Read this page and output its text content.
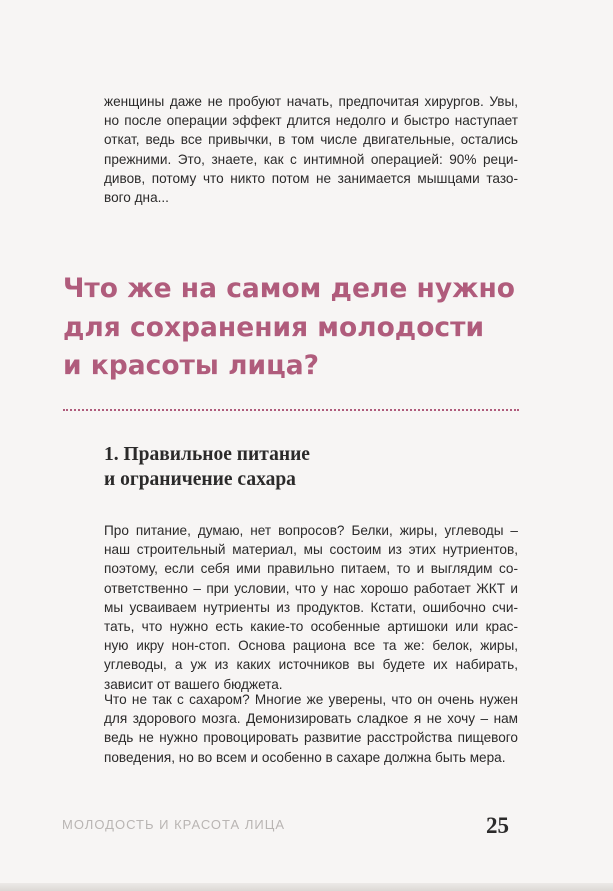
женщины даже не пробуют начать, предпочитая хирургов. Увы,
но после операции эффект длится недолго и быстро наступает
откат, ведь все привычки, в том числе двигательные, остались
прежними. Это, знаете, как с интимной операцией: 90% реци-
дивов, потому что никто потом не занимается мышцами тазо-
вого дна...

Что же на самом деле нужно
для сохранения молодости
и красоты лица?
1. Правильное питание
и ограничение сахара

Про питание, думаю, нет вопросов? Белки, жиры, углеводы –
наш строительный материал, мы состоим из этих нутриентов,
поэтому, если себя ими правильно питаем, то и выглядим со-
ответственно – при условии, что у нас хорошо работает ЖКТ и
мы усваиваем нутриенты из продуктов. Кстати, ошибочно счи-
тать, что нужно есть какие-то особенные артишоки или крас-
ную икру нон-стоп. Основа рациона все та же: белок, жиры,
углеводы, а уж из каких источников вы будете их набирать,
зависит от вашего бюджета.

Что не так с сахаром? Многие же уверены, что он очень нужен
для здорового мозга. Демонизировать сладкое я не хочу – нам
ведь не нужно провоцировать развитие расстройства пищевого
поведения, но во всем и особенно в сахаре должна быть мера.

МОЛОДОСТЬ И КРАСОТА ЛИЦА	25
